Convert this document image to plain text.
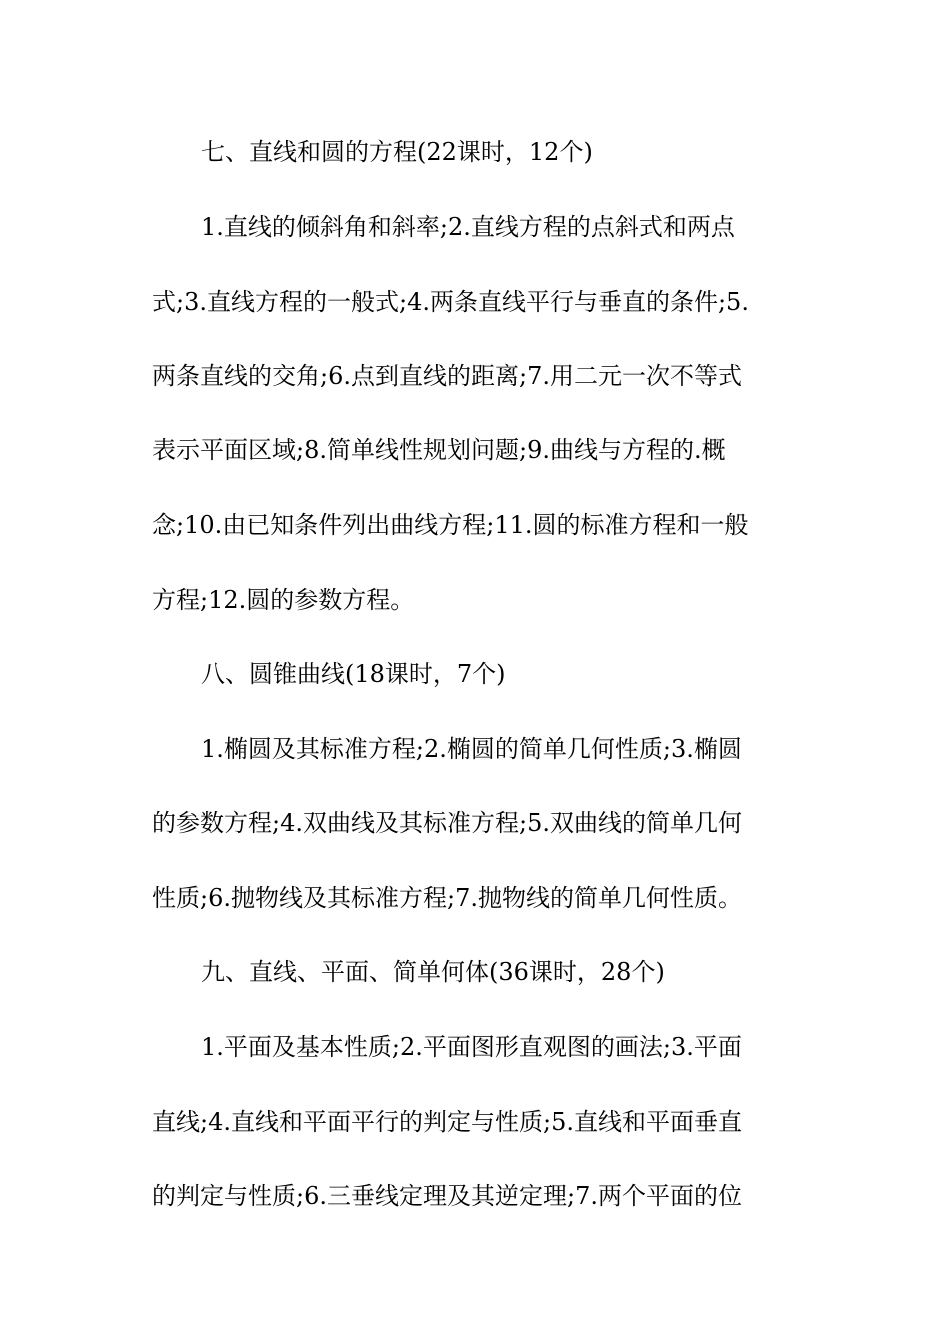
七、直线和圆的方程(22课时，12个)
1.直线的倾斜角和斜率;2.直线方程的点斜式和两点
式;3.直线方程的一般式;4.两条直线平行与垂直的条件;5.
两条直线的交角;6.点到直线的距离;7.用二元一次不等式
表示平面区域;8.简单线性规划问题;9.曲线与方程的.概
念;10.由已知条件列出曲线方程;11.圆的标准方程和一般
方程;12.圆的参数方程。
八、圆锥曲线(18课时，7个)
1.椭圆及其标准方程;2.椭圆的简单几何性质;3.椭圆
的参数方程;4.双曲线及其标准方程;5.双曲线的简单几何
性质;6.抛物线及其标准方程;7.抛物线的简单几何性质。
九、直线、平面、简单何体(36课时，28个)
1.平面及基本性质;2.平面图形直观图的画法;3.平面
直线;4.直线和平面平行的判定与性质;5.直线和平面垂直
的判定与性质;6.三垂线定理及其逆定理;7.两个平面的位
